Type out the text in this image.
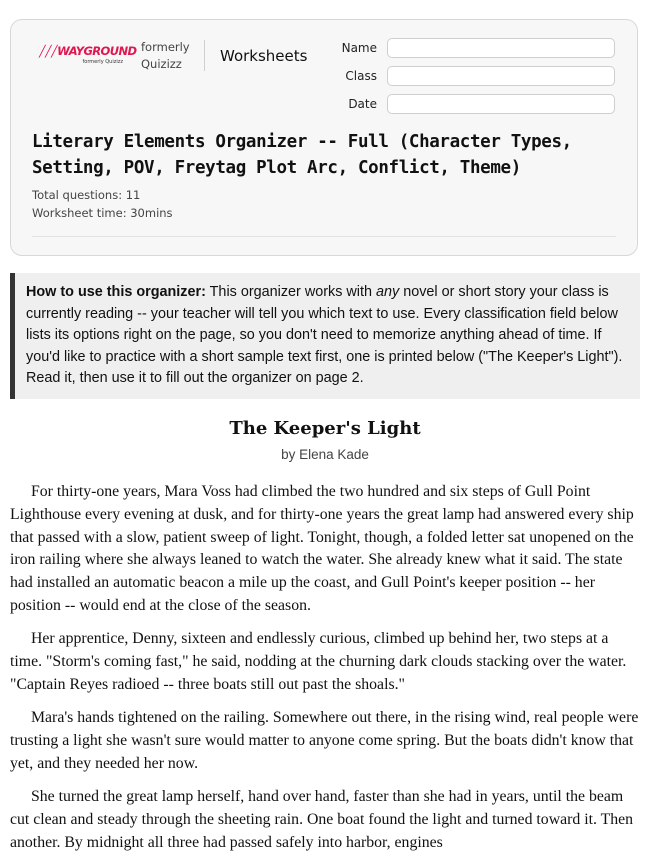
╱╱╱WAYGROUND
formerly Quizizz
formerly Quizizz	Worksheets	Name
Class
Date
Literary Elements Organizer -- Full (Character Types, Setting, POV, Freytag Plot Arc, Conflict, Theme)
Total questions: 11
Worksheet time: 30mins
How to use this organizer: This organizer works with any novel or short story your class is currently reading -- your teacher will tell you which text to use. Every classification field below lists its options right on the page, so you don't need to memorize anything ahead of time. If you'd like to practice with a short sample text first, one is printed below ("The Keeper's Light"). Read it, then use it to fill out the organizer on page 2.
The Keeper's Light
by Elena Kade

For thirty-one years, Mara Voss had climbed the two hundred and six steps of Gull Point Lighthouse every evening at dusk, and for thirty-one years the great lamp had answered every ship that passed with a slow, patient sweep of light. Tonight, though, a folded letter sat unopened on the iron railing where she always leaned to watch the water. She already knew what it said. The state had installed an automatic beacon a mile up the coast, and Gull Point's keeper position -- her position -- would end at the close of the season.

Her apprentice, Denny, sixteen and endlessly curious, climbed up behind her, two steps at a time. "Storm's coming fast," he said, nodding at the churning dark clouds stacking over the water. "Captain Reyes radioed -- three boats still out past the shoals."

Mara's hands tightened on the railing. Somewhere out there, in the rising wind, real people were trusting a light she wasn't sure would matter to anyone come spring. But the boats didn't know that yet, and they needed her now.

She turned the great lamp herself, hand over hand, faster than she had in years, until the beam cut clean and steady through the sheeting rain. One boat found the light and turned toward it. Then another. By midnight all three had passed safely into harbor, engines
